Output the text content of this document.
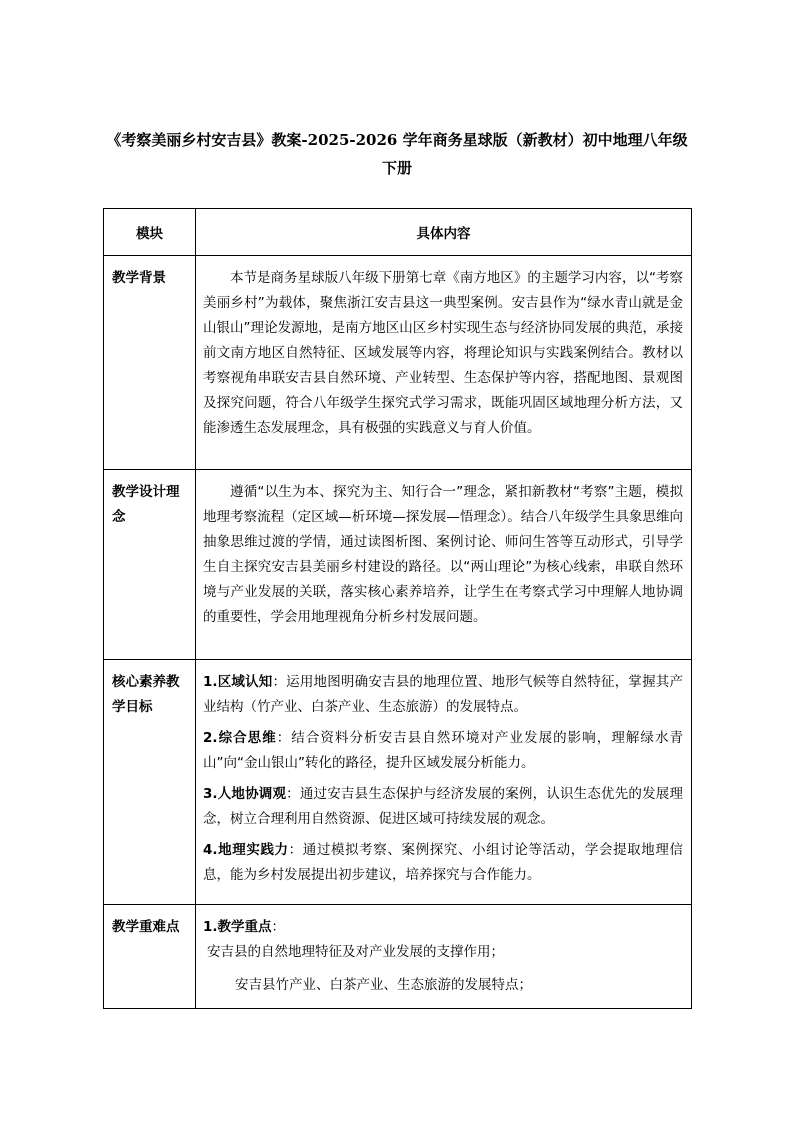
《考察美丽乡村安吉县》教案-2025-2026 学年商务星球版（新教材）初中地理八年级
下册
模块	具体内容
教学背景	本节是商务星球版八年级下册第七章《南方地区》的主题学习内容，以“考察美丽乡村”为载体，聚焦浙江安吉县这一典型案例。安吉县作为“绿水青山就是金山银山”理论发源地，是南方地区山区乡村实现生态与经济协同发展的典范，承接前文南方地区自然特征、区域发展等内容，将理论知识与实践案例结合。教材以考察视角串联安吉县自然环境、产业转型、生态保护等内容，搭配地图、景观图及探究问题，符合八年级学生探究式学习需求，既能巩固区域地理分析方法，又能渗透生态发展理念，具有极强的实践意义与育人价值。

教学设计理念	遵循“以生为本、探究为主、知行合一”理念，紧扣新教材“考察”主题，模拟地理考察流程（定区域—析环境—探发展—悟理念）。结合八年级学生具象思维向抽象思维过渡的学情，通过读图析图、案例讨论、师问生答等互动形式，引导学生自主探究安吉县美丽乡村建设的路径。以“两山理论”为核心线索，串联自然环境与产业发展的关联，落实核心素养培养，让学生在考察式学习中理解人地协调的重要性，学会用地理视角分析乡村发展问题。

核心素养教学目标	1.区域认知：运用地图明确安吉县的地理位置、地形气候等自然特征，掌握其产业结构（竹产业、白茶产业、生态旅游）的发展特点。

2.综合思维：结合资料分析安吉县自然环境对产业发展的影响，理解绿水青山”向“金山银山”转化的路径，提升区域发展分析能力。

3.人地协调观：通过安吉县生态保护与经济发展的案例，认识生态优先的发展理念，树立合理利用自然资源、促进区域可持续发展的观念。

4.地理实践力：通过模拟考察、案例探究、小组讨论等活动，学会提取地理信息，能为乡村发展提出初步建议，培养探究与合作能力。

教学重难点	1.教学重点：

安吉县的自然地理特征及对产业发展的支撑作用；

安吉县竹产业、白茶产业、生态旅游的发展特点；
